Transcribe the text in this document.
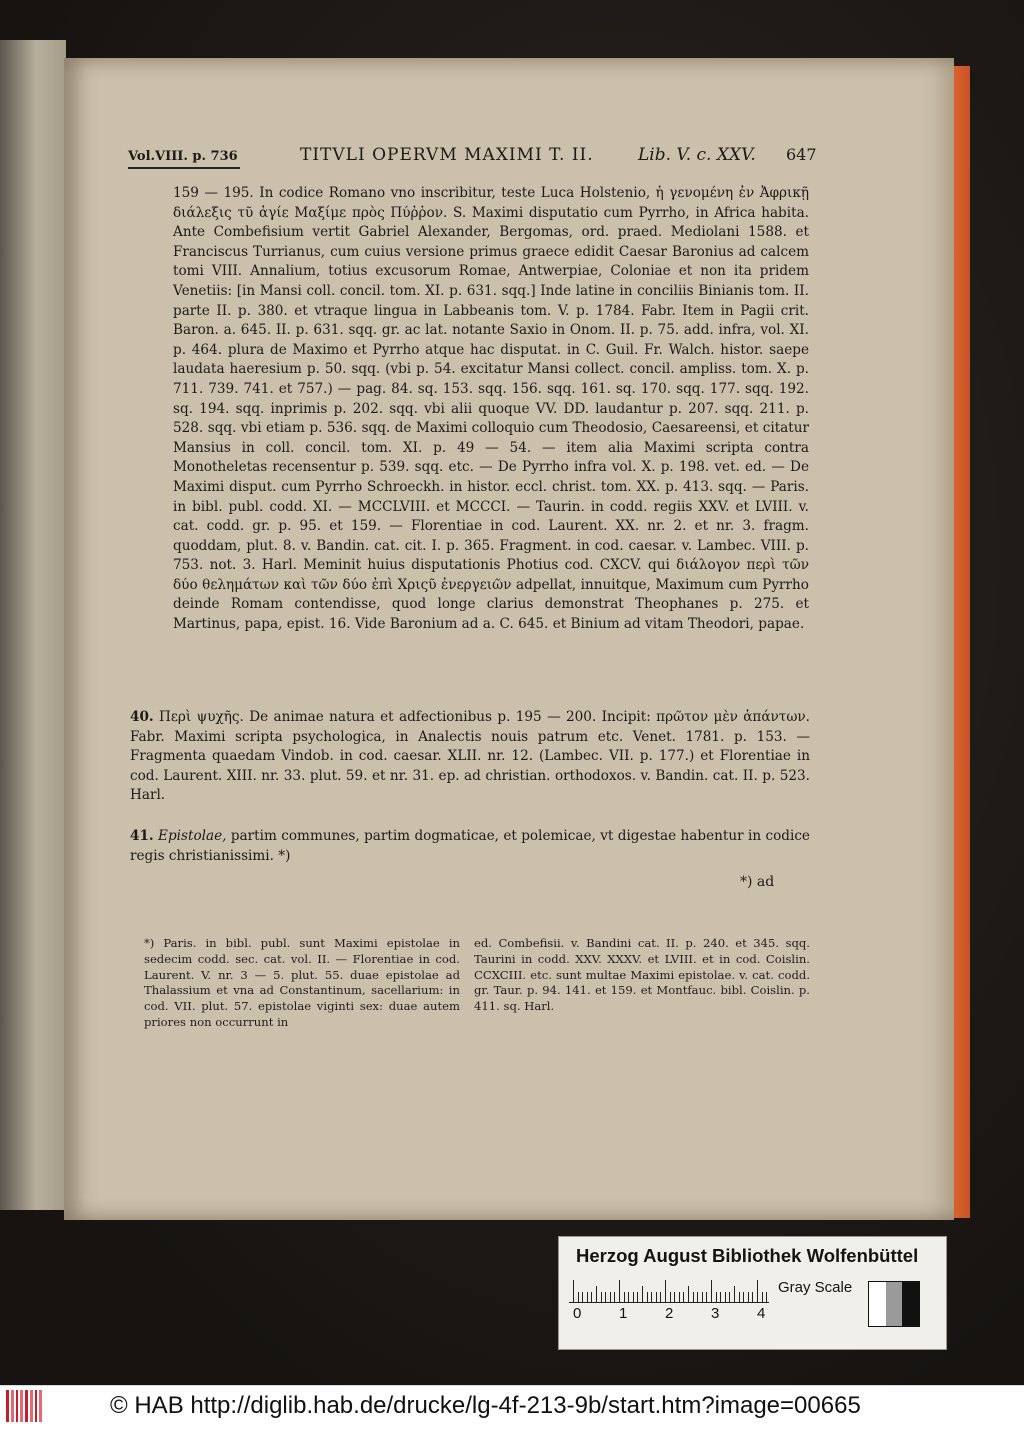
Vol.VIII. p. 736	TITVLI OPERVM MAXIMI T. II.	Lib. V. c. XXV. 647
159 — 195. In codice Romano vno inscribitur, teste Luca Holstenio, ἡ γενομένη ἐν Ἀφρικῇ διάλεξις τῦ ἁγίε Μαξίμε πρὸς Πύῤῥον. S. Maximi disputatio cum Pyrrho, in Africa habita. Ante Combefisium vertit Gabriel Alexander, Bergomas, ord. praed. Mediolani 1588. et Franciscus Turrianus, cum cuius versione primus graece edidit Caesar Baronius ad calcem tomi VIII. Annalium, totius excusorum Romae, Antwerpiae, Coloniae et non ita pridem Venetiis: [in Mansi coll. concil. tom. XI. p. 631. sqq.] Inde latine in conciliis Binianis tom. II. parte II. p. 380. et vtraque lingua in Labbeanis tom. V. p. 1784. Fabr. Item in Pagii crit. Baron. a. 645. II. p. 631. sqq. gr. ac lat. notante Saxio in Onom. II. p. 75. add. infra, vol. XI. p. 464. plura de Maximo et Pyrrho atque hac disputat. in C. Guil. Fr. Walch. histor. saepe laudata haeresium p. 50. sqq. (vbi p. 54. excitatur Mansi collect. concil. ampliss. tom. X. p. 711. 739. 741. et 757.) — pag. 84. sq. 153. sqq. 156. sqq. 161. sq. 170. sqq. 177. sqq. 192. sq. 194. sqq. inprimis p. 202. sqq. vbi alii quoque VV. DD. laudantur p. 207. sqq. 211. p. 528. sqq. vbi etiam p. 536. sqq. de Maximi colloquio cum Theodosio, Caesareensi, et citatur Mansius in coll. concil. tom. XI. p. 49 — 54. — item alia Maximi scripta contra Monotheletas recensentur p. 539. sqq. etc. — De Pyrrho infra vol. X. p. 198. vet. ed. — De Maximi disput. cum Pyrrho Schroeckh. in histor. eccl. christ. tom. XX. p. 413. sqq. — Paris. in bibl. publ. codd. XI. — MCCLVIII. et MCCCI. — Taurin. in codd. regiis XXV. et LVIII. v. cat. codd. gr. p. 95. et 159. — Florentiae in cod. Laurent. XX. nr. 2. et nr. 3. fragm. quoddam, plut. 8. v. Bandin. cat. cit. I. p. 365. Fragment. in cod. caesar. v. Lambec. VIII. p. 753. not. 3. Harl. Meminit huius disputationis Photius cod. CXCV. qui διάλογον περὶ τῶν δύο θελημάτων καὶ τῶν δύο ἐπὶ Χριςῦ ἐνεργειῶν adpellat, innuitque, Maximum cum Pyrrho deinde Romam contendisse, quod longe clarius demonstrat Theophanes p. 275. et Martinus, papa, epist. 16. Vide Baronium ad a. C. 645. et Binium ad vitam Theodori, papae.
40. Περὶ ψυχῆς. De animae natura et adfectionibus p. 195 — 200. Incipit: πρῶτον μὲν ἁπάντων. Fabr. Maximi scripta psychologica, in Analectis nouis patrum etc. Venet. 1781. p. 153. — Fragmenta quaedam Vindob. in cod. caesar. XLII. nr. 12. (Lambec. VII. p. 177.) et Florentiae in cod. Laurent. XIII. nr. 33. plut. 59. et nr. 31. ep. ad christian. orthodoxos. v. Bandin. cat. II. p. 523. Harl.
41. Epistolae, partim communes, partim dogmaticae, et polemicae, vt digestae habentur in codice regis christianissimi. *)
*) ad
*) Paris. in bibl. publ. sunt Maximi epistolae in sedecim codd. sec. cat. vol. II. — Florentiae in cod. Laurent. V. nr. 3 — 5. plut. 55. duae epistolae ad Thalassium et vna ad Constantinum, sacellarium: in cod. VII. plut. 57. epistolae viginti sex: duae autem priores non occurrunt in
ed. Combefisii. v. Bandini cat. II. p. 240. et 345. sqq. Taurini in codd. XXV. XXXV. et LVIII. et in cod. Coislin. CCXCIII. etc. sunt multae Maximi epistolae. v. cat. codd. gr. Taur. p. 94. 141. et 159. et Montfauc. bibl. Coislin. p. 411. sq. Harl.
Herzog August Bibliothek Wolfenbüttel
0	1	2	3	4
Gray Scale
© HAB http://diglib.hab.de/drucke/lg-4f-213-9b/start.htm?image=00665
